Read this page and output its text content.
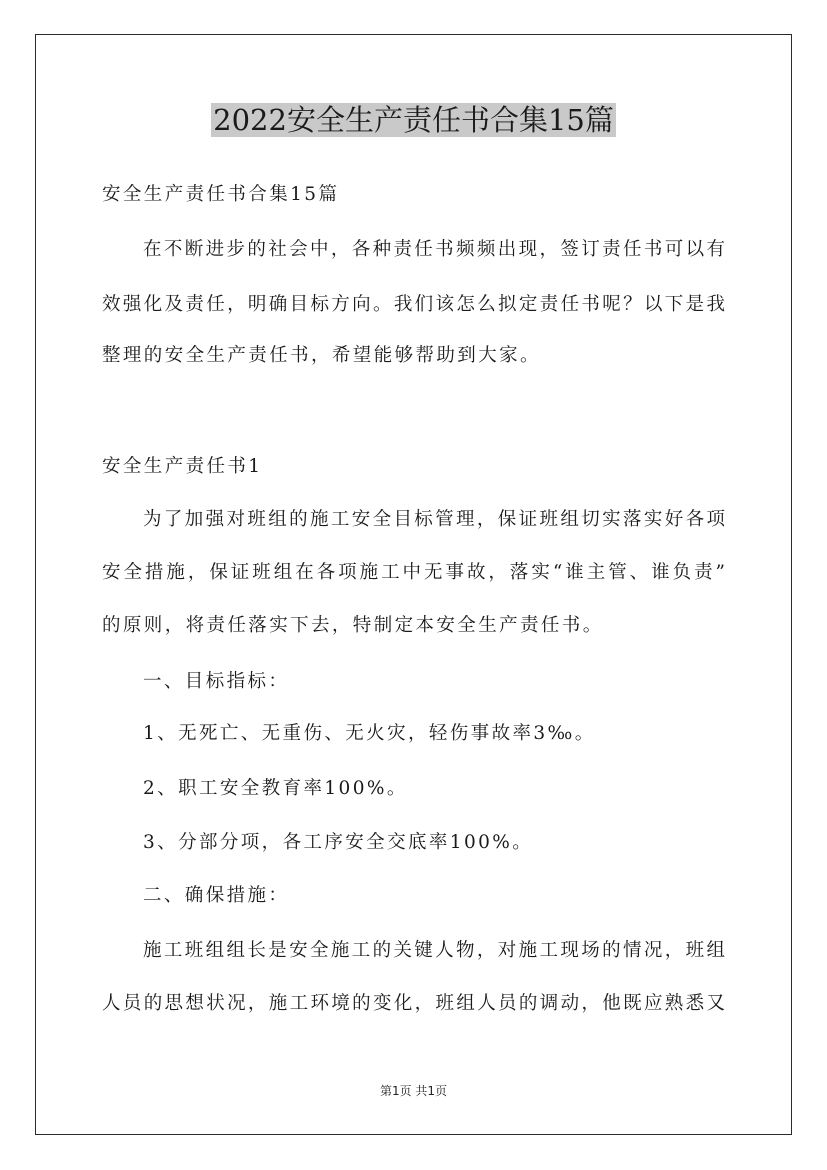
2022安全生产责任书合集15篇
安全生产责任书合集15篇
在不断进步的社会中，各种责任书频频出现，签订责任书可以有
效强化及责任，明确目标方向。我们该怎么拟定责任书呢？以下是我
整理的安全生产责任书，希望能够帮助到大家。
安全生产责任书1
为了加强对班组的施工安全目标管理，保证班组切实落实好各项
安全措施，保证班组在各项施工中无事故，落实“谁主管、谁负责”
的原则，将责任落实下去，特制定本安全生产责任书。
一、目标指标：
1、无死亡、无重伤、无火灾，轻伤事故率3‰。
2、职工安全教育率100%。
3、分部分项，各工序安全交底率100%。
二、确保措施：
施工班组组长是安全施工的关键人物，对施工现场的情况，班组
人员的思想状况，施工环境的变化，班组人员的调动，他既应熟悉又
第1页 共1页
